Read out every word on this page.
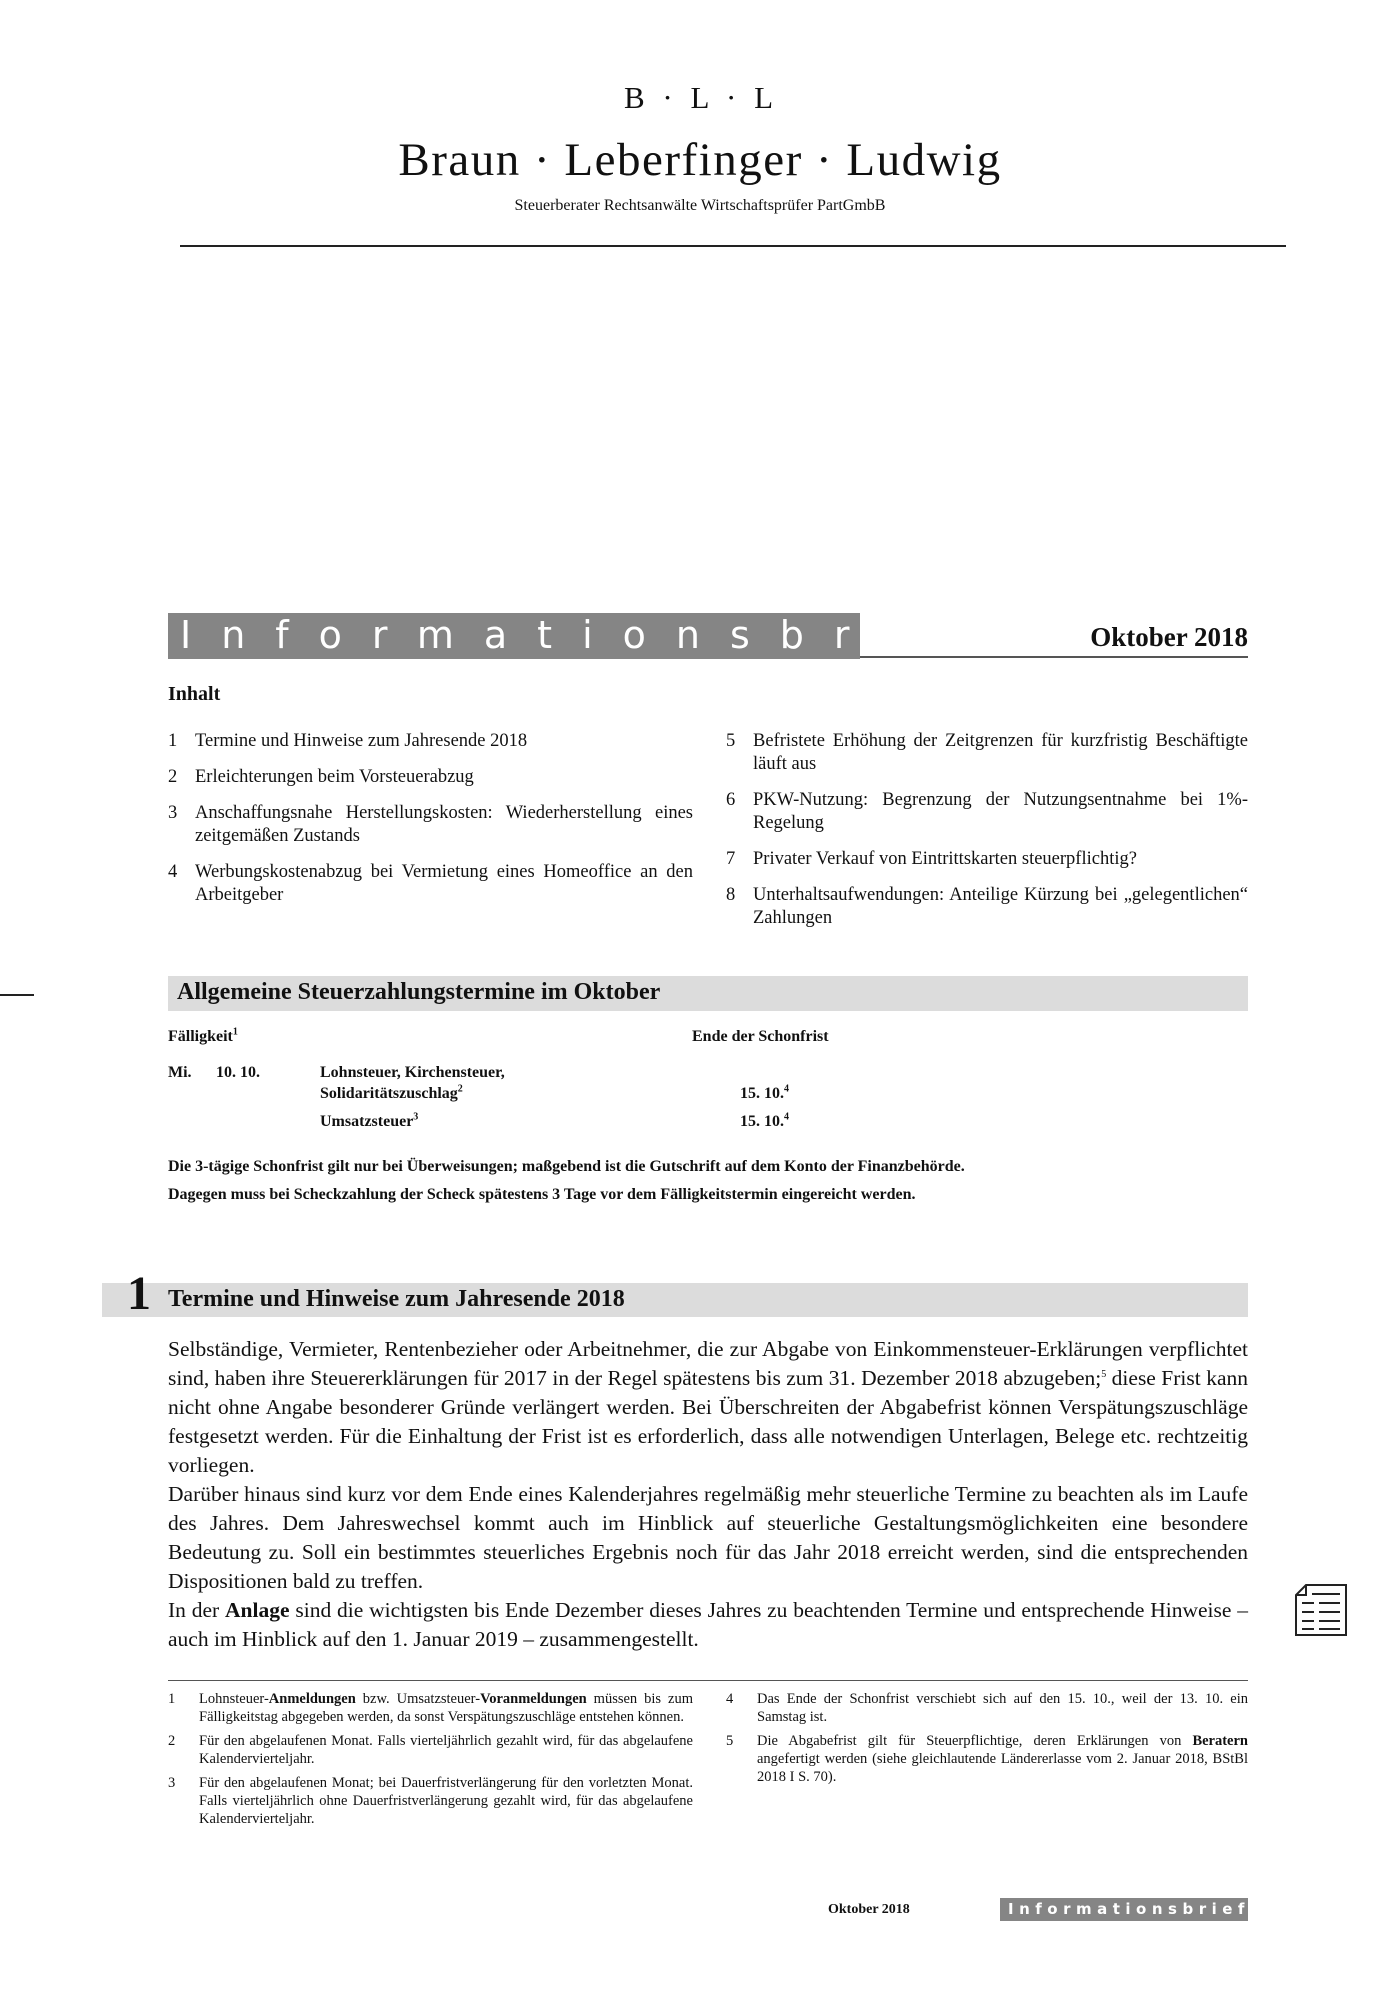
B · L · L
Braun · Leberfinger · Ludwig
Steuerberater Rechtsanwälte Wirtschaftsprüfer PartGmbB
Informationsbrief	Oktober 2018
Inhalt
1 Termine und Hinweise zum Jahresende 2018
2 Erleichterungen beim Vorsteuerabzug
3 Anschaffungsnahe Herstellungskosten: Wiederherstellung eines zeitgemäßen Zustands
4 Werbungskostenabzug bei Vermietung eines Homeoffice an den Arbeitgeber
5 Befristete Erhöhung der Zeitgrenzen für kurzfristig Beschäftigte läuft aus
6 PKW-Nutzung: Begrenzung der Nutzungsentnahme bei 1%-Regelung
7 Privater Verkauf von Eintrittskarten steuerpflichtig?
8 Unterhaltsaufwendungen: Anteilige Kürzung bei „gelegentlichen“ Zahlungen
Allgemeine Steuerzahlungstermine im Oktober
Fälligkeit$^1$	Ende der Schonfrist
Mi. 10. 10.	Lohnsteuer, Kirchensteuer,
Solidaritätszuschlag$^2$	15. 10.$^4$
Umsatzsteuer$^3$	15. 10.$^4$
Die 3-tägige Schonfrist gilt nur bei Überweisungen; maßgebend ist die Gutschrift auf dem Konto der Finanzbehörde.
Dagegen muss bei Scheckzahlung der Scheck spätestens 3 Tage vor dem Fälligkeitstermin eingereicht werden.
1 Termine und Hinweise zum Jahresende 2018

Selbständige, Vermieter, Rentenbezieher oder Arbeitnehmer, die zur Abgabe von Einkommensteuer-Erklärungen verpflichtet sind, haben ihre Steuererklärungen für 2017 in der Regel spätestens bis zum 31. Dezember 2018 abzugeben;$^5$ diese Frist kann nicht ohne Angabe besonderer Gründe verlängert werden. Bei Überschreiten der Abgabefrist können Verspätungszuschläge festgesetzt werden. Für die Einhaltung der Frist ist es erforderlich, dass alle notwendigen Unterlagen, Belege etc. rechtzeitig vorliegen.

Darüber hinaus sind kurz vor dem Ende eines Kalenderjahres regelmäßig mehr steuerliche Termine zu beachten als im Laufe des Jahres. Dem Jahreswechsel kommt auch im Hinblick auf steuerliche Gestaltungsmöglichkeiten eine besondere Bedeutung zu. Soll ein bestimmtes steuerliches Ergebnis noch für das Jahr 2018 erreicht werden, sind die entsprechenden Dispositionen bald zu treffen.

In der Anlage sind die wichtigsten bis Ende Dezember dieses Jahres zu beachtenden Termine und entsprechende Hinweise – auch im Hinblick auf den 1. Januar 2019 – zusammengestellt.

1 Lohnsteuer-Anmeldungen bzw. Umsatzsteuer-Voranmeldungen müssen bis zum Fälligkeitstag abgegeben werden, da sonst Verspätungszuschläge entstehen können.
2 Für den abgelaufenen Monat. Falls vierteljährlich gezahlt wird, für das abgelaufene Kalendervierteljahr.
3 Für den abgelaufenen Monat; bei Dauerfristverlängerung für den vorletzten Monat. Falls vierteljährlich ohne Dauerfristverlängerung gezahlt wird, für das abgelaufene Kalendervierteljahr.
4 Das Ende der Schonfrist verschiebt sich auf den 15. 10., weil der 13. 10. ein Samstag ist.
5 Die Abgabefrist gilt für Steuerpflichtige, deren Erklärungen von Beratern angefertigt werden (siehe gleichlautende Ländererlasse vom 2. Januar 2018, BStBl 2018 I S. 70).
Oktober 2018	Informationsbrief
